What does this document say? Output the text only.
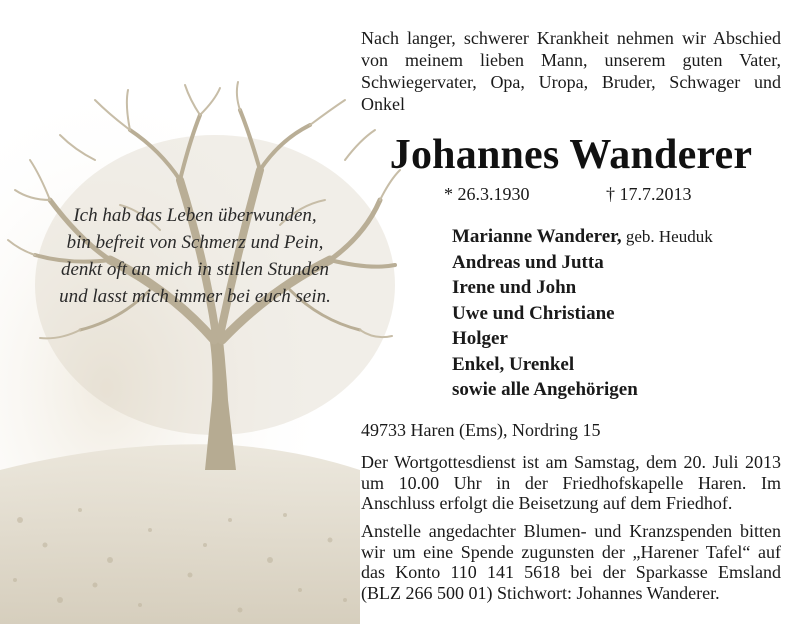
Ich hab das Leben überwunden,
bin befreit von Schmerz und Pein,
denkt oft an mich in stillen Stunden
und lasst mich immer bei euch sein.
Nach langer, schwerer Krankheit nehmen wir Abschied
von meinem lieben Mann, unserem guten Vater,
Schwiegervater, Opa, Uropa, Bruder, Schwager und
Onkel
Johannes Wanderer
* 26.3.1930	† 17.7.2013
Marianne Wanderer, geb. Heuduk
Andreas und Jutta
Irene und John
Uwe und Christiane
Holger
Enkel, Urenkel
sowie alle Angehörigen
49733 Haren (Ems), Nordring 15
Der Wortgottesdienst ist am Samstag, dem 20. Juli 2013
um 10.00 Uhr in der Friedhofskapelle Haren. Im
Anschluss erfolgt die Beisetzung auf dem Friedhof.
Anstelle angedachter Blumen- und Kranzspenden bitten
wir um eine Spende zugunsten der „Harener Tafel“ auf
das Konto 110 141 5618 bei der Sparkasse Emsland
(BLZ 266 500 01) Stichwort: Johannes Wanderer.
